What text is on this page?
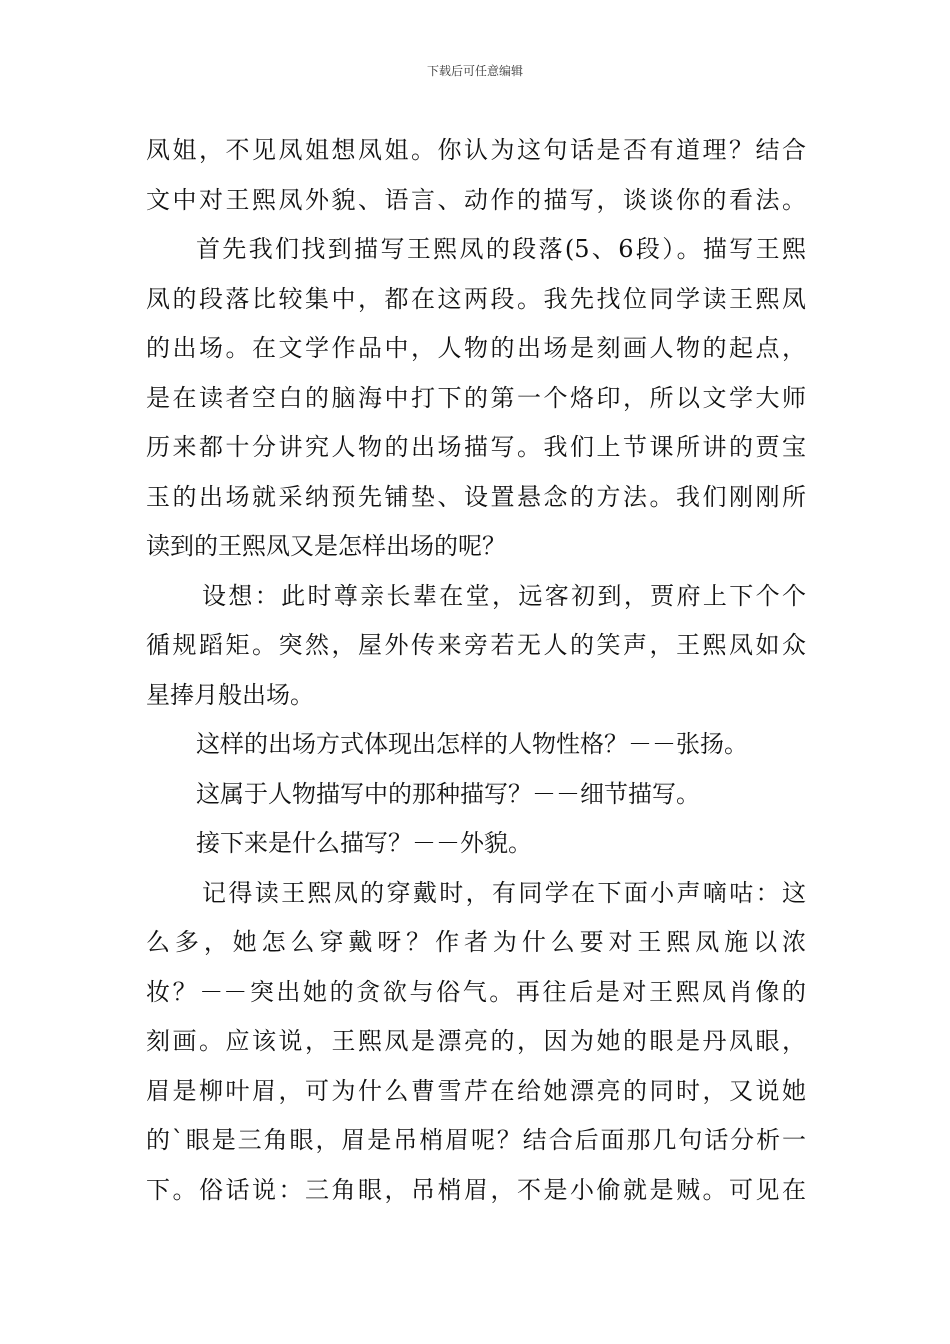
下载后可任意编辑
凤姐，不见凤姐想凤姐。你认为这句话是否有道理？结合
文中对王熙凤外貌、语言、动作的描写，谈谈你的看法。
首先我们找到描写王熙凤的段落(5、6段）。描写王熙
凤的段落比较集中，都在这两段。我先找位同学读王熙凤
的出场。在文学作品中，人物的出场是刻画人物的起点，
是在读者空白的脑海中打下的第一个烙印，所以文学大师
历来都十分讲究人物的出场描写。我们上节课所讲的贾宝
玉的出场就采纳预先铺垫、设置悬念的方法。我们刚刚所
读到的王熙凤又是怎样出场的呢？
设想：此时尊亲长辈在堂，远客初到，贾府上下个个
循规蹈矩。突然，屋外传来旁若无人的笑声，王熙凤如众
星捧月般出场。
这样的出场方式体现出怎样的人物性格？－－张扬。
这属于人物描写中的那种描写？－－细节描写。
接下来是什么描写？－－外貌。
记得读王熙凤的穿戴时，有同学在下面小声嘀咕：这
么多，她怎么穿戴呀？作者为什么要对王熙凤施以浓
妆？－－突出她的贪欲与俗气。再往后是对王熙凤肖像的
刻画。应该说，王熙凤是漂亮的，因为她的眼是丹凤眼，
眉是柳叶眉，可为什么曹雪芹在给她漂亮的同时，又说她
的`眼是三角眼，眉是吊梢眉呢？结合后面那几句话分析一
下。俗话说：三角眼，吊梢眉，不是小偷就是贼。可见在
